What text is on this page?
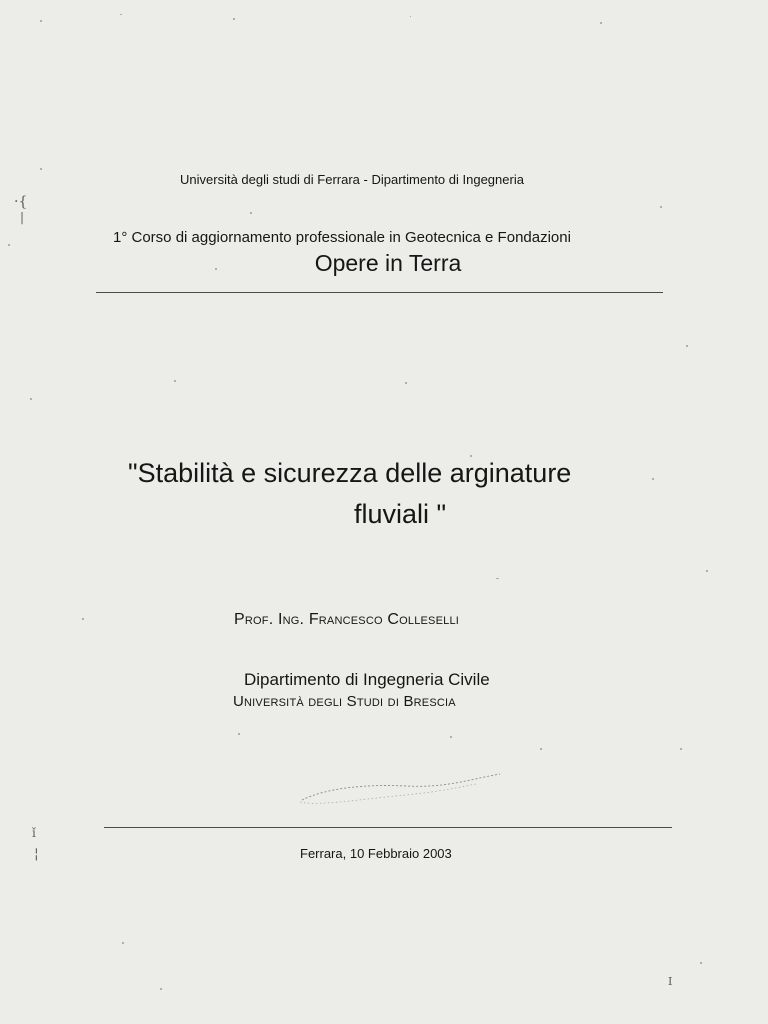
·{
|
ǐ
¦
I
Università degli studi di Ferrara - Dipartimento di Ingegneria
1° Corso di aggiornamento professionale in Geotecnica e Fondazioni
Opere in Terra
"Stabilità e sicurezza delle arginature
fluviali "
Prof. Ing. Francesco Colleselli
Dipartimento di Ingegneria Civile
Università degli Studi di Brescia
Ferrara, 10 Febbraio 2003
